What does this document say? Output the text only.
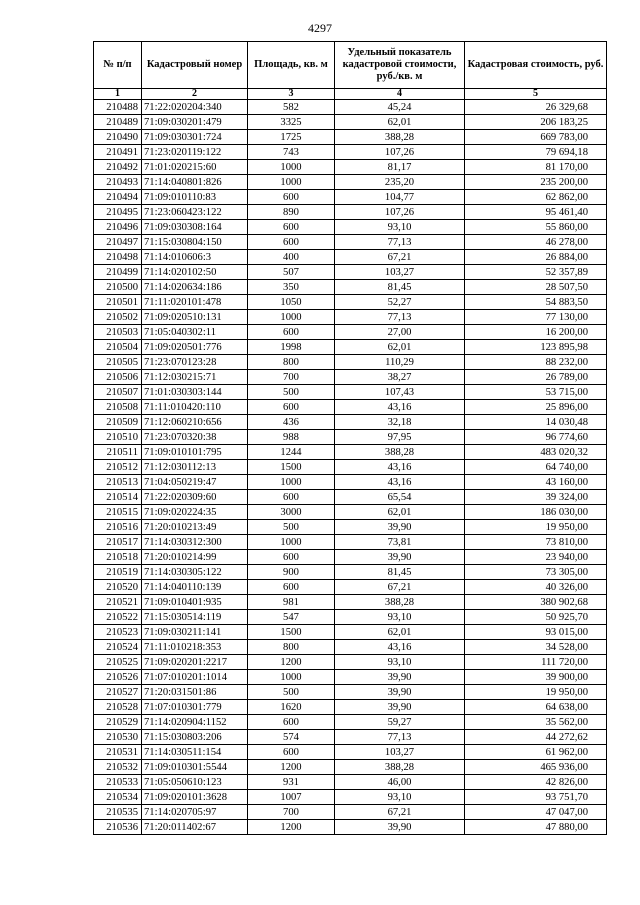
4297
№ п/п	Кадастровый номер	Площадь, кв. м	Удельный показатель кадастровой стоимости, руб./кв. м	Кадастровая стоимость, руб.
1	2	3	4	5
210488	71:22:020204:340	582	45,24	26 329,68
210489	71:09:030201:479	3325	62,01	206 183,25
210490	71:09:030301:724	1725	388,28	669 783,00
210491	71:23:020119:122	743	107,26	79 694,18
210492	71:01:020215:60	1000	81,17	81 170,00
210493	71:14:040801:826	1000	235,20	235 200,00
210494	71:09:010110:83	600	104,77	62 862,00
210495	71:23:060423:122	890	107,26	95 461,40
210496	71:09:030308:164	600	93,10	55 860,00
210497	71:15:030804:150	600	77,13	46 278,00
210498	71:14:010606:3	400	67,21	26 884,00
210499	71:14:020102:50	507	103,27	52 357,89
210500	71:14:020634:186	350	81,45	28 507,50
210501	71:11:020101:478	1050	52,27	54 883,50
210502	71:09:020510:131	1000	77,13	77 130,00
210503	71:05:040302:11	600	27,00	16 200,00
210504	71:09:020501:776	1998	62,01	123 895,98
210505	71:23:070123:28	800	110,29	88 232,00
210506	71:12:030215:71	700	38,27	26 789,00
210507	71:01:030303:144	500	107,43	53 715,00
210508	71:11:010420:110	600	43,16	25 896,00
210509	71:12:060210:656	436	32,18	14 030,48
210510	71:23:070320:38	988	97,95	96 774,60
210511	71:09:010101:795	1244	388,28	483 020,32
210512	71:12:030112:13	1500	43,16	64 740,00
210513	71:04:050219:47	1000	43,16	43 160,00
210514	71:22:020309:60	600	65,54	39 324,00
210515	71:09:020224:35	3000	62,01	186 030,00
210516	71:20:010213:49	500	39,90	19 950,00
210517	71:14:030312:300	1000	73,81	73 810,00
210518	71:20:010214:99	600	39,90	23 940,00
210519	71:14:030305:122	900	81,45	73 305,00
210520	71:14:040110:139	600	67,21	40 326,00
210521	71:09:010401:935	981	388,28	380 902,68
210522	71:15:030514:119	547	93,10	50 925,70
210523	71:09:030211:141	1500	62,01	93 015,00
210524	71:11:010218:353	800	43,16	34 528,00
210525	71:09:020201:2217	1200	93,10	111 720,00
210526	71:07:010201:1014	1000	39,90	39 900,00
210527	71:20:031501:86	500	39,90	19 950,00
210528	71:07:010301:779	1620	39,90	64 638,00
210529	71:14:020904:1152	600	59,27	35 562,00
210530	71:15:030803:206	574	77,13	44 272,62
210531	71:14:030511:154	600	103,27	61 962,00
210532	71:09:010301:5544	1200	388,28	465 936,00
210533	71:05:050610:123	931	46,00	42 826,00
210534	71:09:020101:3628	1007	93,10	93 751,70
210535	71:14:020705:97	700	67,21	47 047,00
210536	71:20:011402:67	1200	39,90	47 880,00
